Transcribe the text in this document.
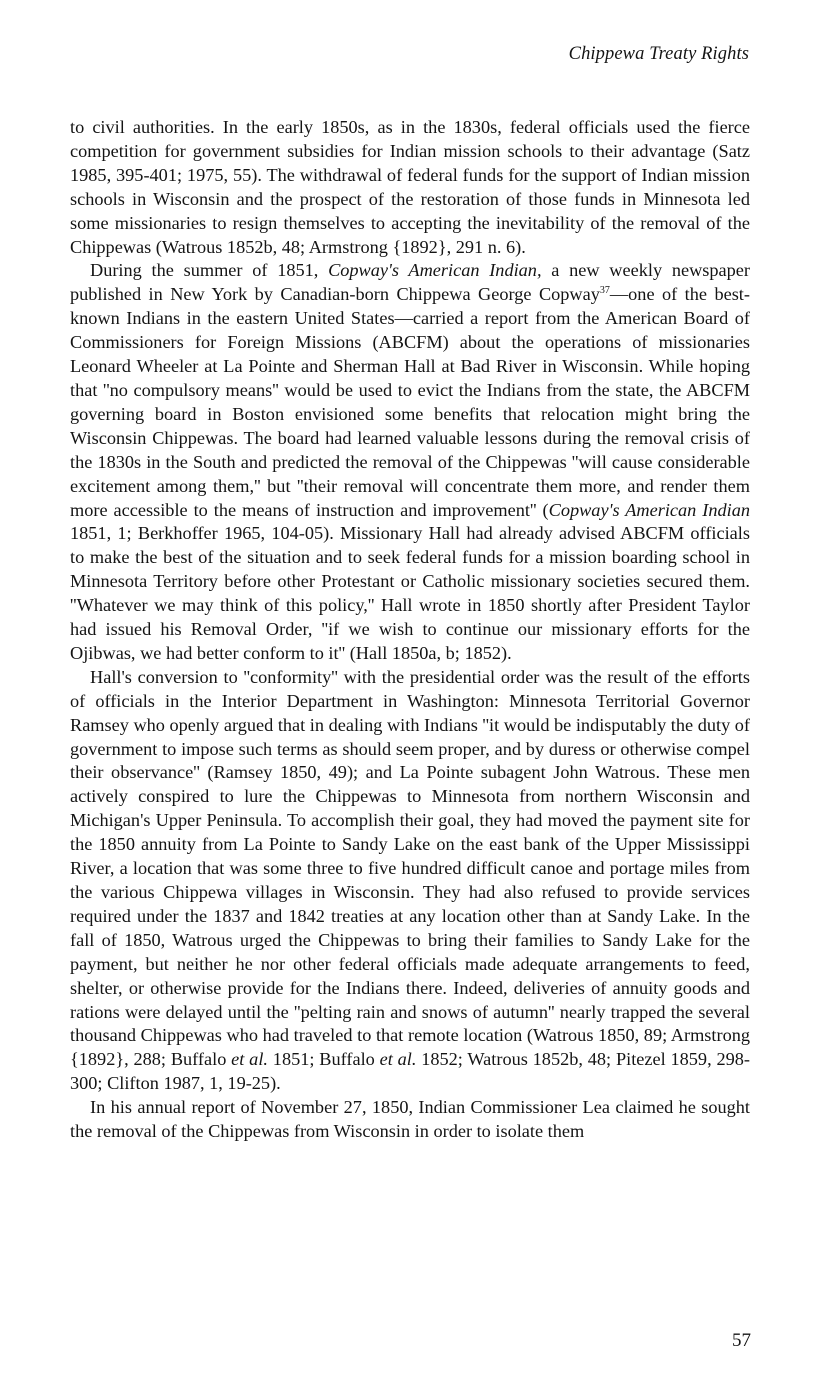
Chippewa Treaty Rights

to civil authorities. In the early 1850s, as in the 1830s, federal officials used the fierce competition for government subsidies for Indian mission schools to their advantage (Satz 1985, 395-401; 1975, 55). The withdrawal of federal funds for the support of Indian mission schools in Wisconsin and the prospect of the restoration of those funds in Minnesota led some missionaries to resign themselves to accepting the inevitability of the removal of the Chippewas (Watrous 1852b, 48; Armstrong {1892}, 291 n. 6).

During the summer of 1851, Copway's American Indian, a new weekly newspaper published in New York by Canadian-born Chippewa George Copway$^{37}$—one of the best-known Indians in the eastern United States—carried a report from the American Board of Commissioners for Foreign Missions (ABCFM) about the operations of missionaries Leonard Wheeler at La Pointe and Sherman Hall at Bad River in Wisconsin. While hoping that ''no compulsory means'' would be used to evict the Indians from the state, the ABCFM governing board in Boston envisioned some benefits that relocation might bring the Wisconsin Chippewas. The board had learned valuable lessons during the removal crisis of the 1830s in the South and predicted the removal of the Chippewas ''will cause considerable excitement among them,'' but ''their removal will concentrate them more, and render them more accessible to the means of instruction and improvement'' (Copway's American Indian 1851, 1; Berkhoffer 1965, 104-05). Missionary Hall had already advised ABCFM officials to make the best of the situation and to seek federal funds for a mission boarding school in Minnesota Territory before other Protestant or Catholic missionary societies secured them. ''Whatever we may think of this policy,'' Hall wrote in 1850 shortly after President Taylor had issued his Removal Order, ''if we wish to continue our missionary efforts for the Ojibwas, we had better conform to it'' (Hall 1850a, b; 1852).

Hall's conversion to ''conformity'' with the presidential order was the result of the efforts of officials in the Interior Department in Washington: Minnesota Territorial Governor Ramsey who openly argued that in dealing with Indians ''it would be indisputably the duty of government to impose such terms as should seem proper, and by duress or otherwise compel their observance'' (Ramsey 1850, 49); and La Pointe subagent John Watrous. These men actively conspired to lure the Chippewas to Minnesota from northern Wisconsin and Michigan's Upper Peninsula. To accomplish their goal, they had moved the payment site for the 1850 annuity from La Pointe to Sandy Lake on the east bank of the Upper Mississippi River, a location that was some three to five hundred difficult canoe and portage miles from the various Chippewa villages in Wisconsin. They had also refused to provide services required under the 1837 and 1842 treaties at any location other than at Sandy Lake. In the fall of 1850, Watrous urged the Chippewas to bring their families to Sandy Lake for the payment, but neither he nor other federal officials made adequate arrangements to feed, shelter, or otherwise provide for the Indians there. Indeed, deliveries of annuity goods and rations were delayed until the ''pelting rain and snows of autumn'' nearly trapped the several thousand Chippewas who had traveled to that remote location (Watrous 1850, 89; Armstrong {1892}, 288; Buffalo et al. 1851; Buffalo et al. 1852; Watrous 1852b, 48; Pitezel 1859, 298-300; Clifton 1987, 1, 19-25).

In his annual report of November 27, 1850, Indian Commissioner Lea claimed he sought the removal of the Chippewas from Wisconsin in order to isolate them

57
